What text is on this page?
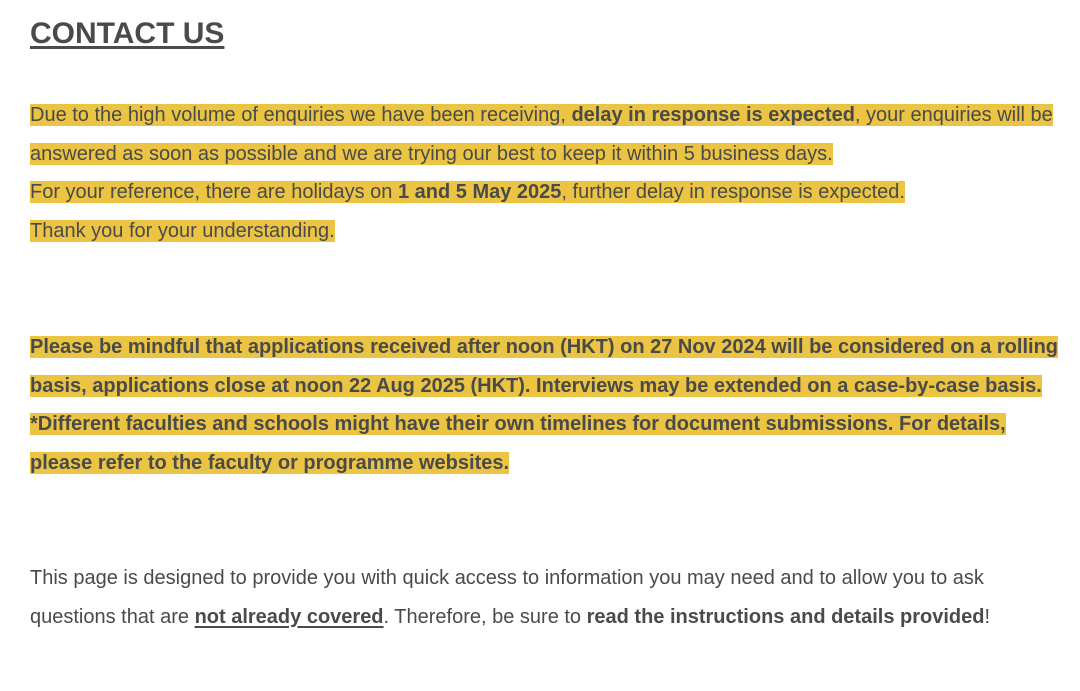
CONTACT US

Due to the high volume of enquiries we have been receiving, delay in response is expected, your enquiries will be answered as soon as possible and we are trying our best to keep it within 5 business days.
For your reference, there are holidays on 1 and 5 May 2025, further delay in response is expected.
Thank you for your understanding.

Please be mindful that applications received after noon (HKT) on 27 Nov 2024 will be considered on a rolling basis, applications close at noon 22 Aug 2025 (HKT). Interviews may be extended on a case-by-case basis. *Different faculties and schools might have their own timelines for document submissions. For details, please refer to the faculty or programme websites.

This page is designed to provide you with quick access to information you may need and to allow you to ask questions that are not already covered. Therefore, be sure to read the instructions and details provided!
